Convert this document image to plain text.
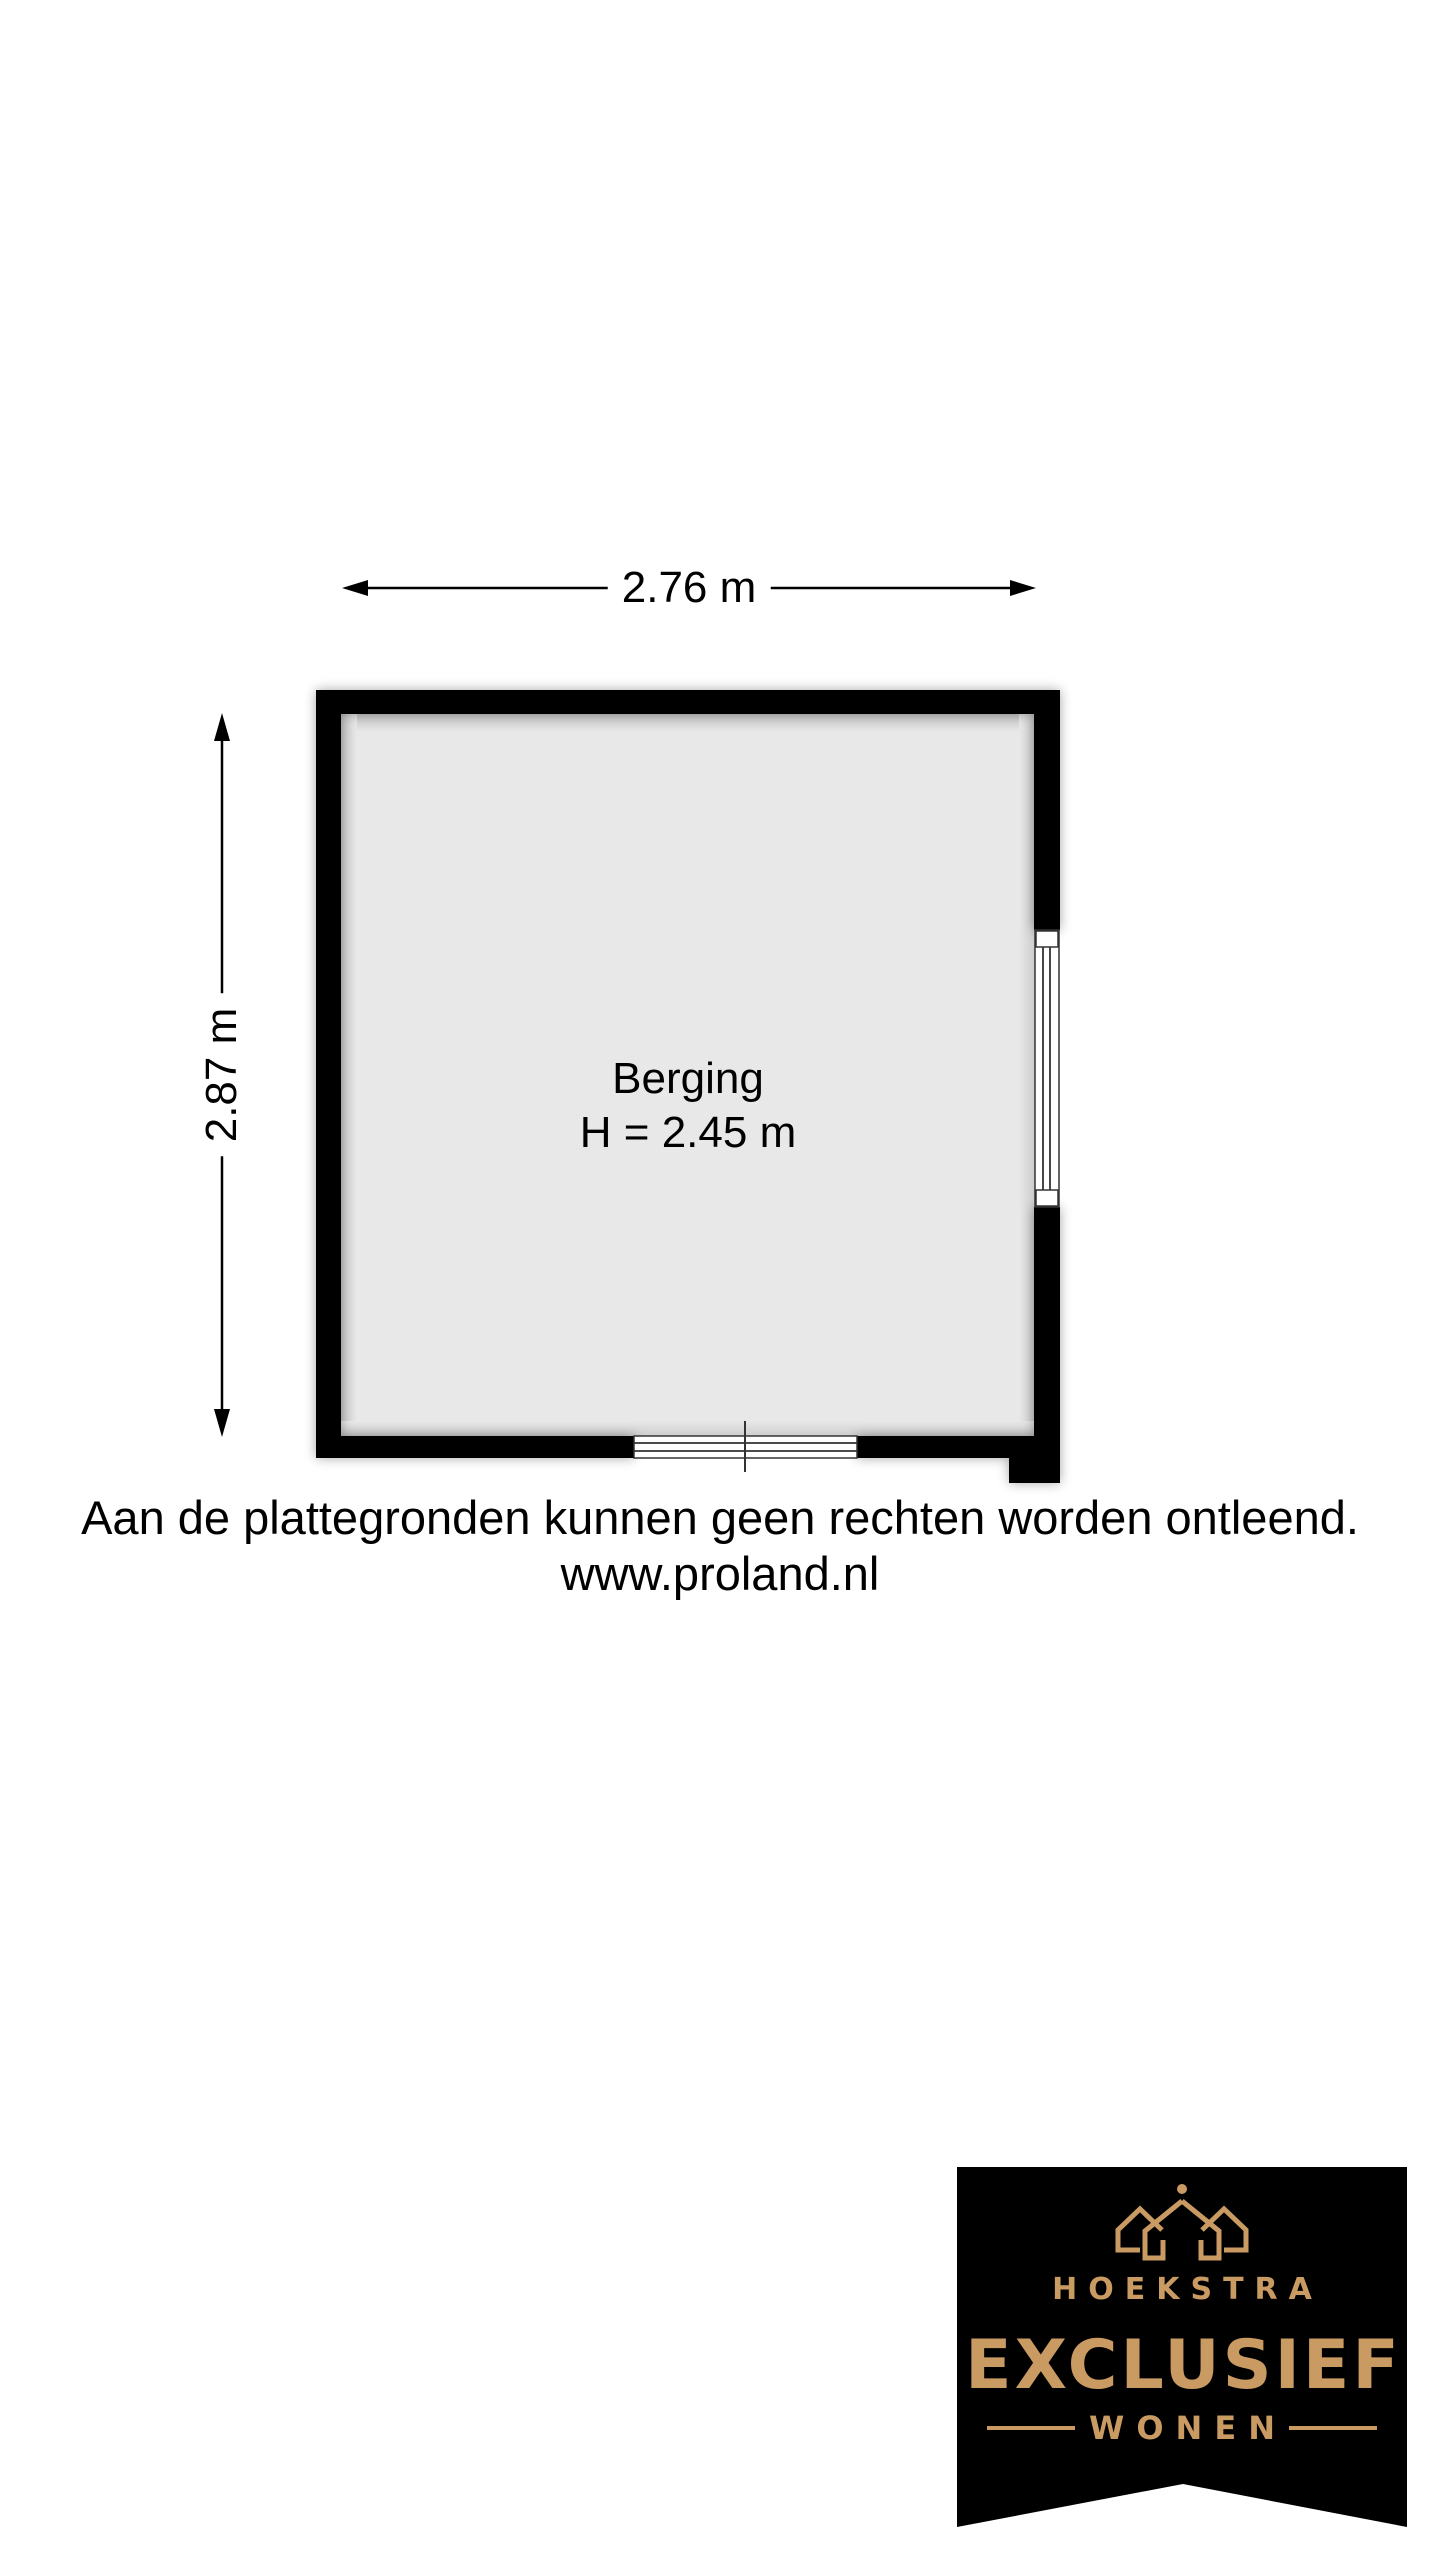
2.76 m
2.87 m	Berging
H = 2.45 m
Aan de plattegronden kunnen geen rechten worden ontleend.
www.proland.nl
HOEKSTRA
EXCLUSIEF
WONEN
